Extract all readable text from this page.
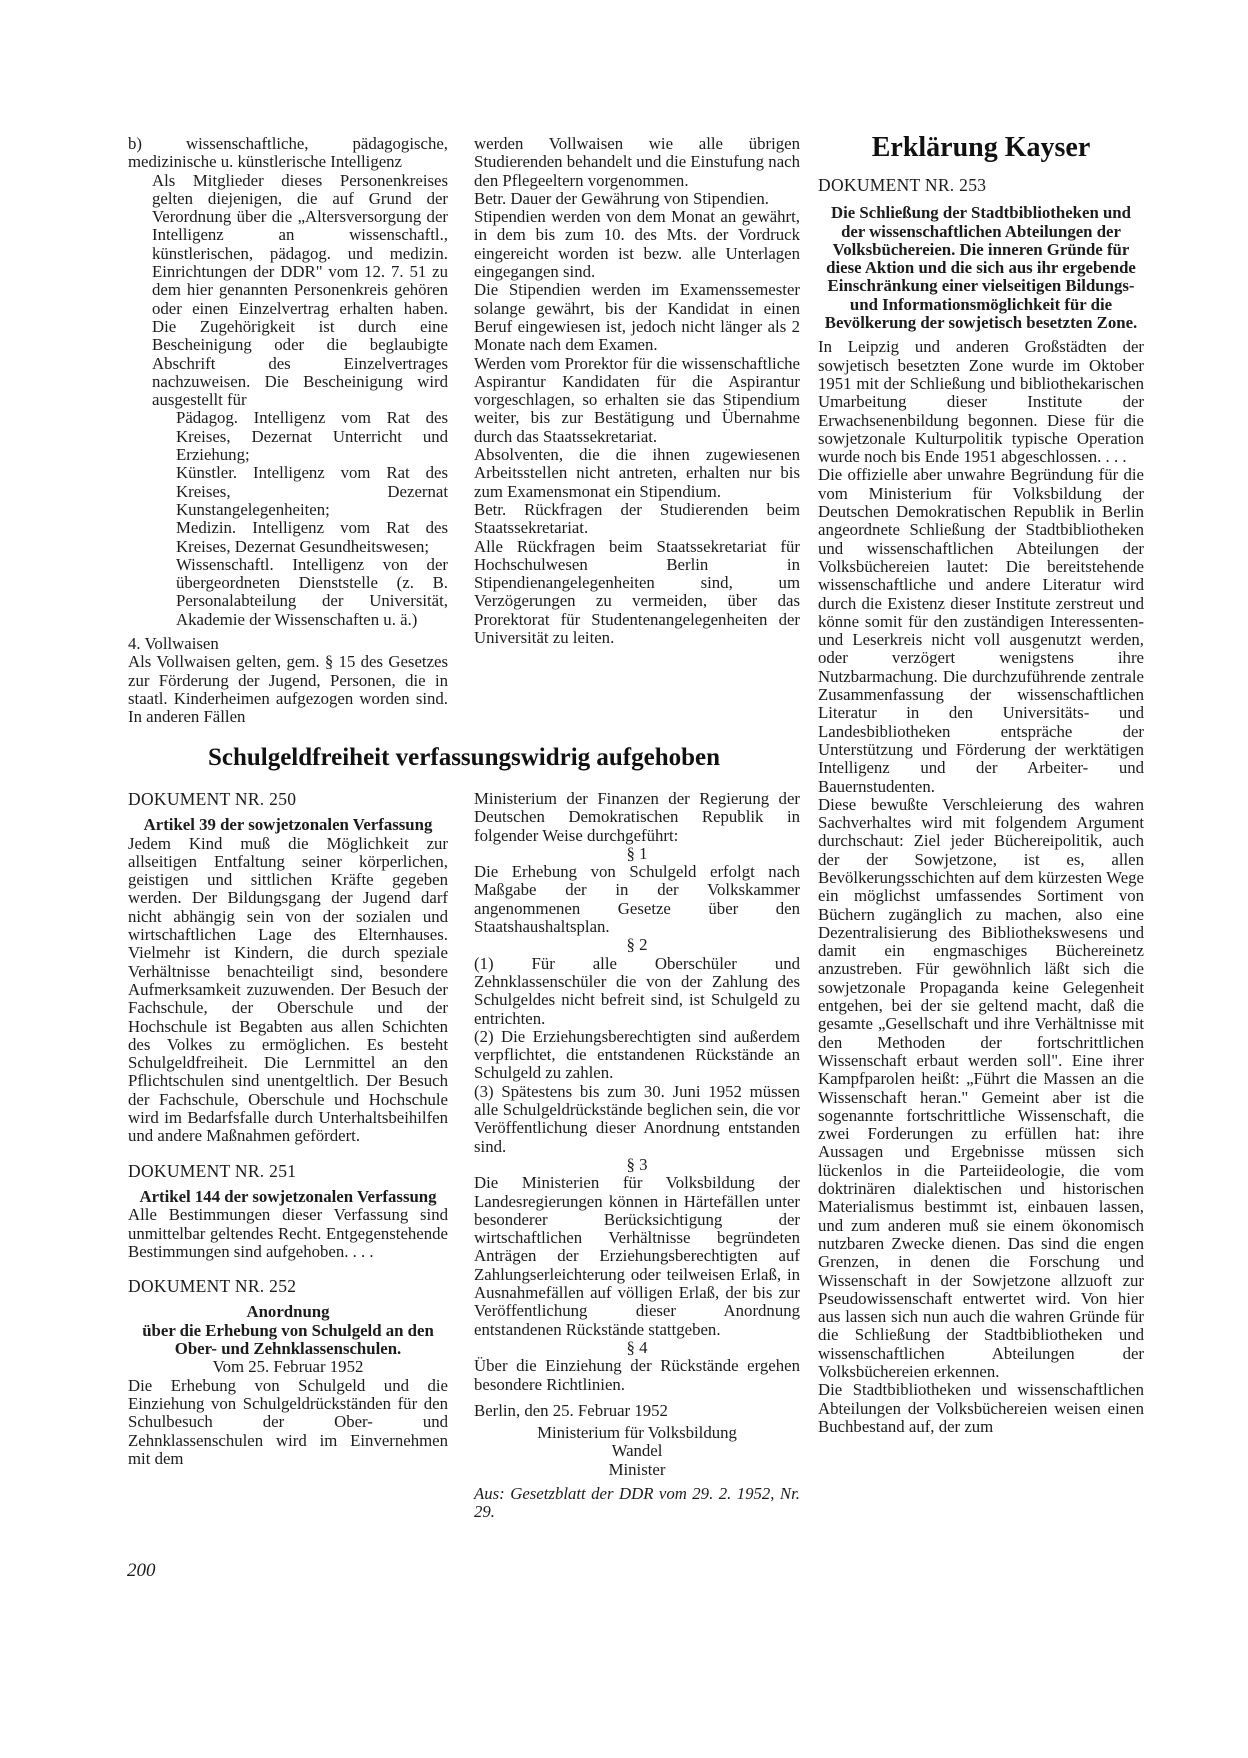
b) wissenschaftliche, pädagogische, medizinische u. künstlerische Intelligenz

Als Mitglieder dieses Personenkreises gelten diejenigen, die auf Grund der Verordnung über die „Altersversorgung der Intelligenz an wissenschaftl., künstlerischen, pädagog. und medizin. Einrichtungen der DDR" vom 12. 7. 51 zu dem hier genannten Personenkreis gehören oder einen Einzelvertrag erhalten haben. Die Zugehörigkeit ist durch eine Bescheinigung oder die beglaubigte Abschrift des Einzelvertrages nachzuweisen. Die Bescheinigung wird ausgestellt für

Pädagog. Intelligenz vom Rat des Kreises, Dezernat Unterricht und Erziehung;

Künstler. Intelligenz vom Rat des Kreises, Dezernat Kunstangelegenheiten;

Medizin. Intelligenz vom Rat des Kreises, Dezernat Gesundheitswesen;

Wissenschaftl. Intelligenz von der übergeordneten Dienststelle (z. B. Personalabteilung der Universität, Akademie der Wissenschaften u. ä.)

4. Vollwaisen

Als Vollwaisen gelten, gem. § 15 des Gesetzes zur Förderung der Jugend, Personen, die in staatl. Kinderheimen aufgezogen worden sind. In anderen Fällen

werden Vollwaisen wie alle übrigen Studierenden behandelt und die Einstufung nach den Pflegeeltern vorgenommen.

Betr. Dauer der Gewährung von Stipendien.

Stipendien werden von dem Monat an gewährt, in dem bis zum 10. des Mts. der Vordruck eingereicht worden ist bezw. alle Unterlagen eingegangen sind.

Die Stipendien werden im Examenssemester solange gewährt, bis der Kandidat in einen Beruf eingewiesen ist, jedoch nicht länger als 2 Monate nach dem Examen.

Werden vom Prorektor für die wissenschaftliche Aspirantur Kandidaten für die Aspirantur vorgeschlagen, so erhalten sie das Stipendium weiter, bis zur Bestätigung und Übernahme durch das Staatssekretariat.

Absolventen, die die ihnen zugewiesenen Arbeitsstellen nicht antreten, erhalten nur bis zum Examensmonat ein Stipendium.

Betr. Rückfragen der Studierenden beim Staatssekretariat.

Alle Rückfragen beim Staatssekretariat für Hochschulwesen Berlin in Stipendienangelegenheiten sind, um Verzögerungen zu vermeiden, über das Prorektorat für Studentenangelegenheiten der Universität zu leiten.

Schulgeldfreiheit verfassungswidrig aufgehoben

DOKUMENT NR. 250

Artikel 39 der sowjetzonalen Verfassung

Jedem Kind muß die Möglichkeit zur allseitigen Entfaltung seiner körperlichen, geistigen und sittlichen Kräfte gegeben werden. Der Bildungsgang der Jugend darf nicht abhängig sein von der sozialen und wirtschaftlichen Lage des Elternhauses. Vielmehr ist Kindern, die durch speziale Verhältnisse benachteiligt sind, besondere Aufmerksamkeit zuzuwenden. Der Besuch der Fachschule, der Oberschule und der Hochschule ist Begabten aus allen Schichten des Volkes zu ermöglichen. Es besteht Schulgeldfreiheit. Die Lernmittel an den Pflichtschulen sind unentgeltlich. Der Besuch der Fachschule, Oberschule und Hochschule wird im Bedarfsfalle durch Unterhaltsbeihilfen und andere Maßnahmen gefördert.

DOKUMENT NR. 251

Artikel 144 der sowjetzonalen Verfassung

Alle Bestimmungen dieser Verfassung sind unmittelbar geltendes Recht. Entgegenstehende Bestimmungen sind aufgehoben. . . .

DOKUMENT NR. 252

Anordnung

über die Erhebung von Schulgeld an den Ober- und Zehnklassenschulen.

Vom 25. Februar 1952

Die Erhebung von Schulgeld und die Einziehung von Schulgeldrückständen für den Schulbesuch der Ober- und Zehnklassenschulen wird im Einvernehmen mit dem

Ministerium der Finanzen der Regierung der Deutschen Demokratischen Republik in folgender Weise durchgeführt:

§ 1

Die Erhebung von Schulgeld erfolgt nach Maßgabe der in der Volkskammer angenommenen Gesetze über den Staatshaushaltsplan.

§ 2

(1) Für alle Oberschüler und Zehnklassenschüler die von der Zahlung des Schulgeldes nicht befreit sind, ist Schulgeld zu entrichten.

(2) Die Erziehungsberechtigten sind außerdem verpflichtet, die entstandenen Rückstände an Schulgeld zu zahlen.

(3) Spätestens bis zum 30. Juni 1952 müssen alle Schulgeldrückstände beglichen sein, die vor Veröffentlichung dieser Anordnung entstanden sind.

§ 3

Die Ministerien für Volksbildung der Landesregierungen können in Härtefällen unter besonderer Berücksichtigung der wirtschaftlichen Verhältnisse begründeten Anträgen der Erziehungsberechtigten auf Zahlungserleichterung oder teilweisen Erlaß, in Ausnahmefällen auf völligen Erlaß, der bis zur Veröffentlichung dieser Anordnung entstandenen Rückstände stattgeben.

§ 4

Über die Einziehung der Rückstände ergehen besondere Richtlinien.

Berlin, den 25. Februar 1952

Ministerium für Volksbildung

Wandel

Minister

Aus: Gesetzblatt der DDR vom 29. 2. 1952, Nr. 29.

Erklärung Kayser

DOKUMENT NR. 253

Die Schließung der Stadtbibliotheken und der wissenschaftlichen Abteilungen der Volksbüchereien. Die inneren Gründe für diese Aktion und die sich aus ihr ergebende Einschränkung einer vielseitigen Bildungs- und Informationsmöglichkeit für die Bevölkerung der sowjetisch besetzten Zone.

In Leipzig und anderen Großstädten der sowjetisch besetzten Zone wurde im Oktober 1951 mit der Schließung und bibliothekarischen Umarbeitung dieser Institute der Erwachsenenbildung begonnen. Diese für die sowjetzonale Kulturpolitik typische Operation wurde noch bis Ende 1951 abgeschlossen. . . .

Die offizielle aber unwahre Begründung für die vom Ministerium für Volksbildung der Deutschen Demokratischen Republik in Berlin angeordnete Schließung der Stadtbibliotheken und wissenschaftlichen Abteilungen der Volksbüchereien lautet: Die bereitstehende wissenschaftliche und andere Literatur wird durch die Existenz dieser Institute zerstreut und könne somit für den zuständigen Interessenten- und Leserkreis nicht voll ausgenutzt werden, oder verzögert wenigstens ihre Nutzbarmachung. Die durchzuführende zentrale Zusammenfassung der wissenschaftlichen Literatur in den Universitäts- und Landesbibliotheken entspräche der Unterstützung und Förderung der werktätigen Intelligenz und der Arbeiter- und Bauernstudenten.

Diese bewußte Verschleierung des wahren Sachverhaltes wird mit folgendem Argument durchschaut: Ziel jeder Büchereipolitik, auch der der Sowjetzone, ist es, allen Bevölkerungsschichten auf dem kürzesten Wege ein möglichst umfassendes Sortiment von Büchern zugänglich zu machen, also eine Dezentralisierung des Bibliothekswesens und damit ein engmaschiges Büchereinetz anzustreben. Für gewöhnlich läßt sich die sowjetzonale Propaganda keine Gelegenheit entgehen, bei der sie geltend macht, daß die gesamte „Gesellschaft und ihre Verhältnisse mit den Methoden der fortschrittlichen Wissenschaft erbaut werden soll". Eine ihrer Kampfparolen heißt: „Führt die Massen an die Wissenschaft heran." Gemeint aber ist die sogenannte fortschrittliche Wissenschaft, die zwei Forderungen zu erfüllen hat: ihre Aussagen und Ergebnisse müssen sich lückenlos in die Parteiideologie, die vom doktrinären dialektischen und historischen Materialismus bestimmt ist, einbauen lassen, und zum anderen muß sie einem ökonomisch nutzbaren Zwecke dienen. Das sind die engen Grenzen, in denen die Forschung und Wissenschaft in der Sowjetzone allzuoft zur Pseudowissenschaft entwertet wird. Von hier aus lassen sich nun auch die wahren Gründe für die Schließung der Stadtbibliotheken und wissenschaftlichen Abteilungen der Volksbüchereien erkennen.

Die Stadtbibliotheken und wissenschaftlichen Abteilungen der Volksbüchereien weisen einen Buchbestand auf, der zum

200
